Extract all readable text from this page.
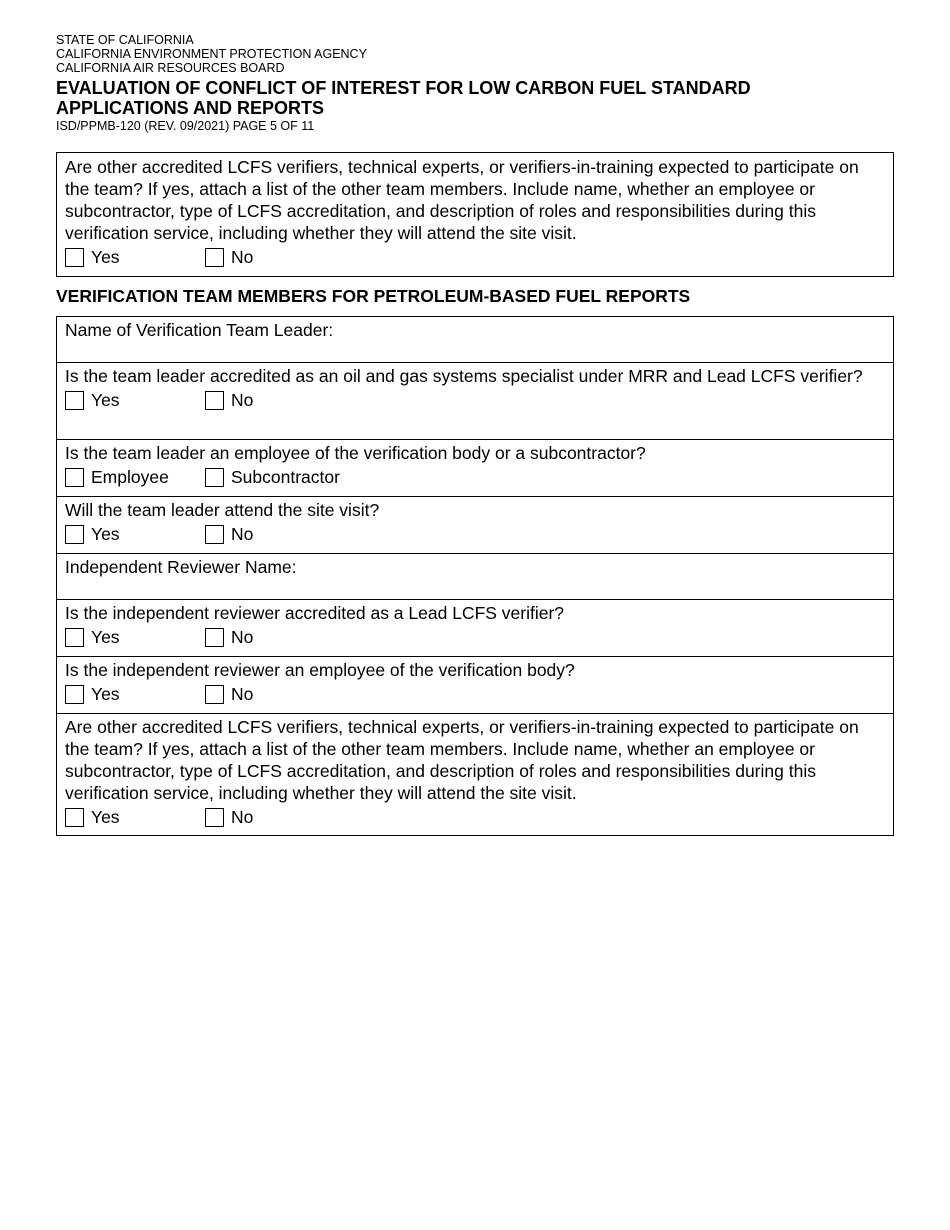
STATE OF CALIFORNIA
CALIFORNIA ENVIRONMENT PROTECTION AGENCY
CALIFORNIA AIR RESOURCES BOARD
EVALUATION OF CONFLICT OF INTEREST FOR LOW CARBON FUEL STANDARD
APPLICATIONS AND REPORTS
ISD/PPMB-120 (REV. 09/2021) PAGE 5 OF 11
Are other accredited LCFS verifiers, technical experts, or verifiers-in-training expected to participate on the team? If yes, attach a list of the other team members. Include name, whether an employee or subcontractor, type of LCFS accreditation, and description of roles and responsibilities during this verification service, including whether they will attend the site visit.
Yes	No
VERIFICATION TEAM MEMBERS FOR PETROLEUM-BASED FUEL REPORTS
Name of Verification Team Leader:
Is the team leader accredited as an oil and gas systems specialist under MRR and Lead LCFS verifier?
Yes	No
Is the team leader an employee of the verification body or a subcontractor?
Employee	Subcontractor
Will the team leader attend the site visit?
Yes	No
Independent Reviewer Name:
Is the independent reviewer accredited as a Lead LCFS verifier?
Yes	No
Is the independent reviewer an employee of the verification body?
Yes	No
Are other accredited LCFS verifiers, technical experts, or verifiers-in-training expected to participate on the team? If yes, attach a list of the other team members. Include name, whether an employee or subcontractor, type of LCFS accreditation, and description of roles and responsibilities during this verification service, including whether they will attend the site visit.
Yes	No
